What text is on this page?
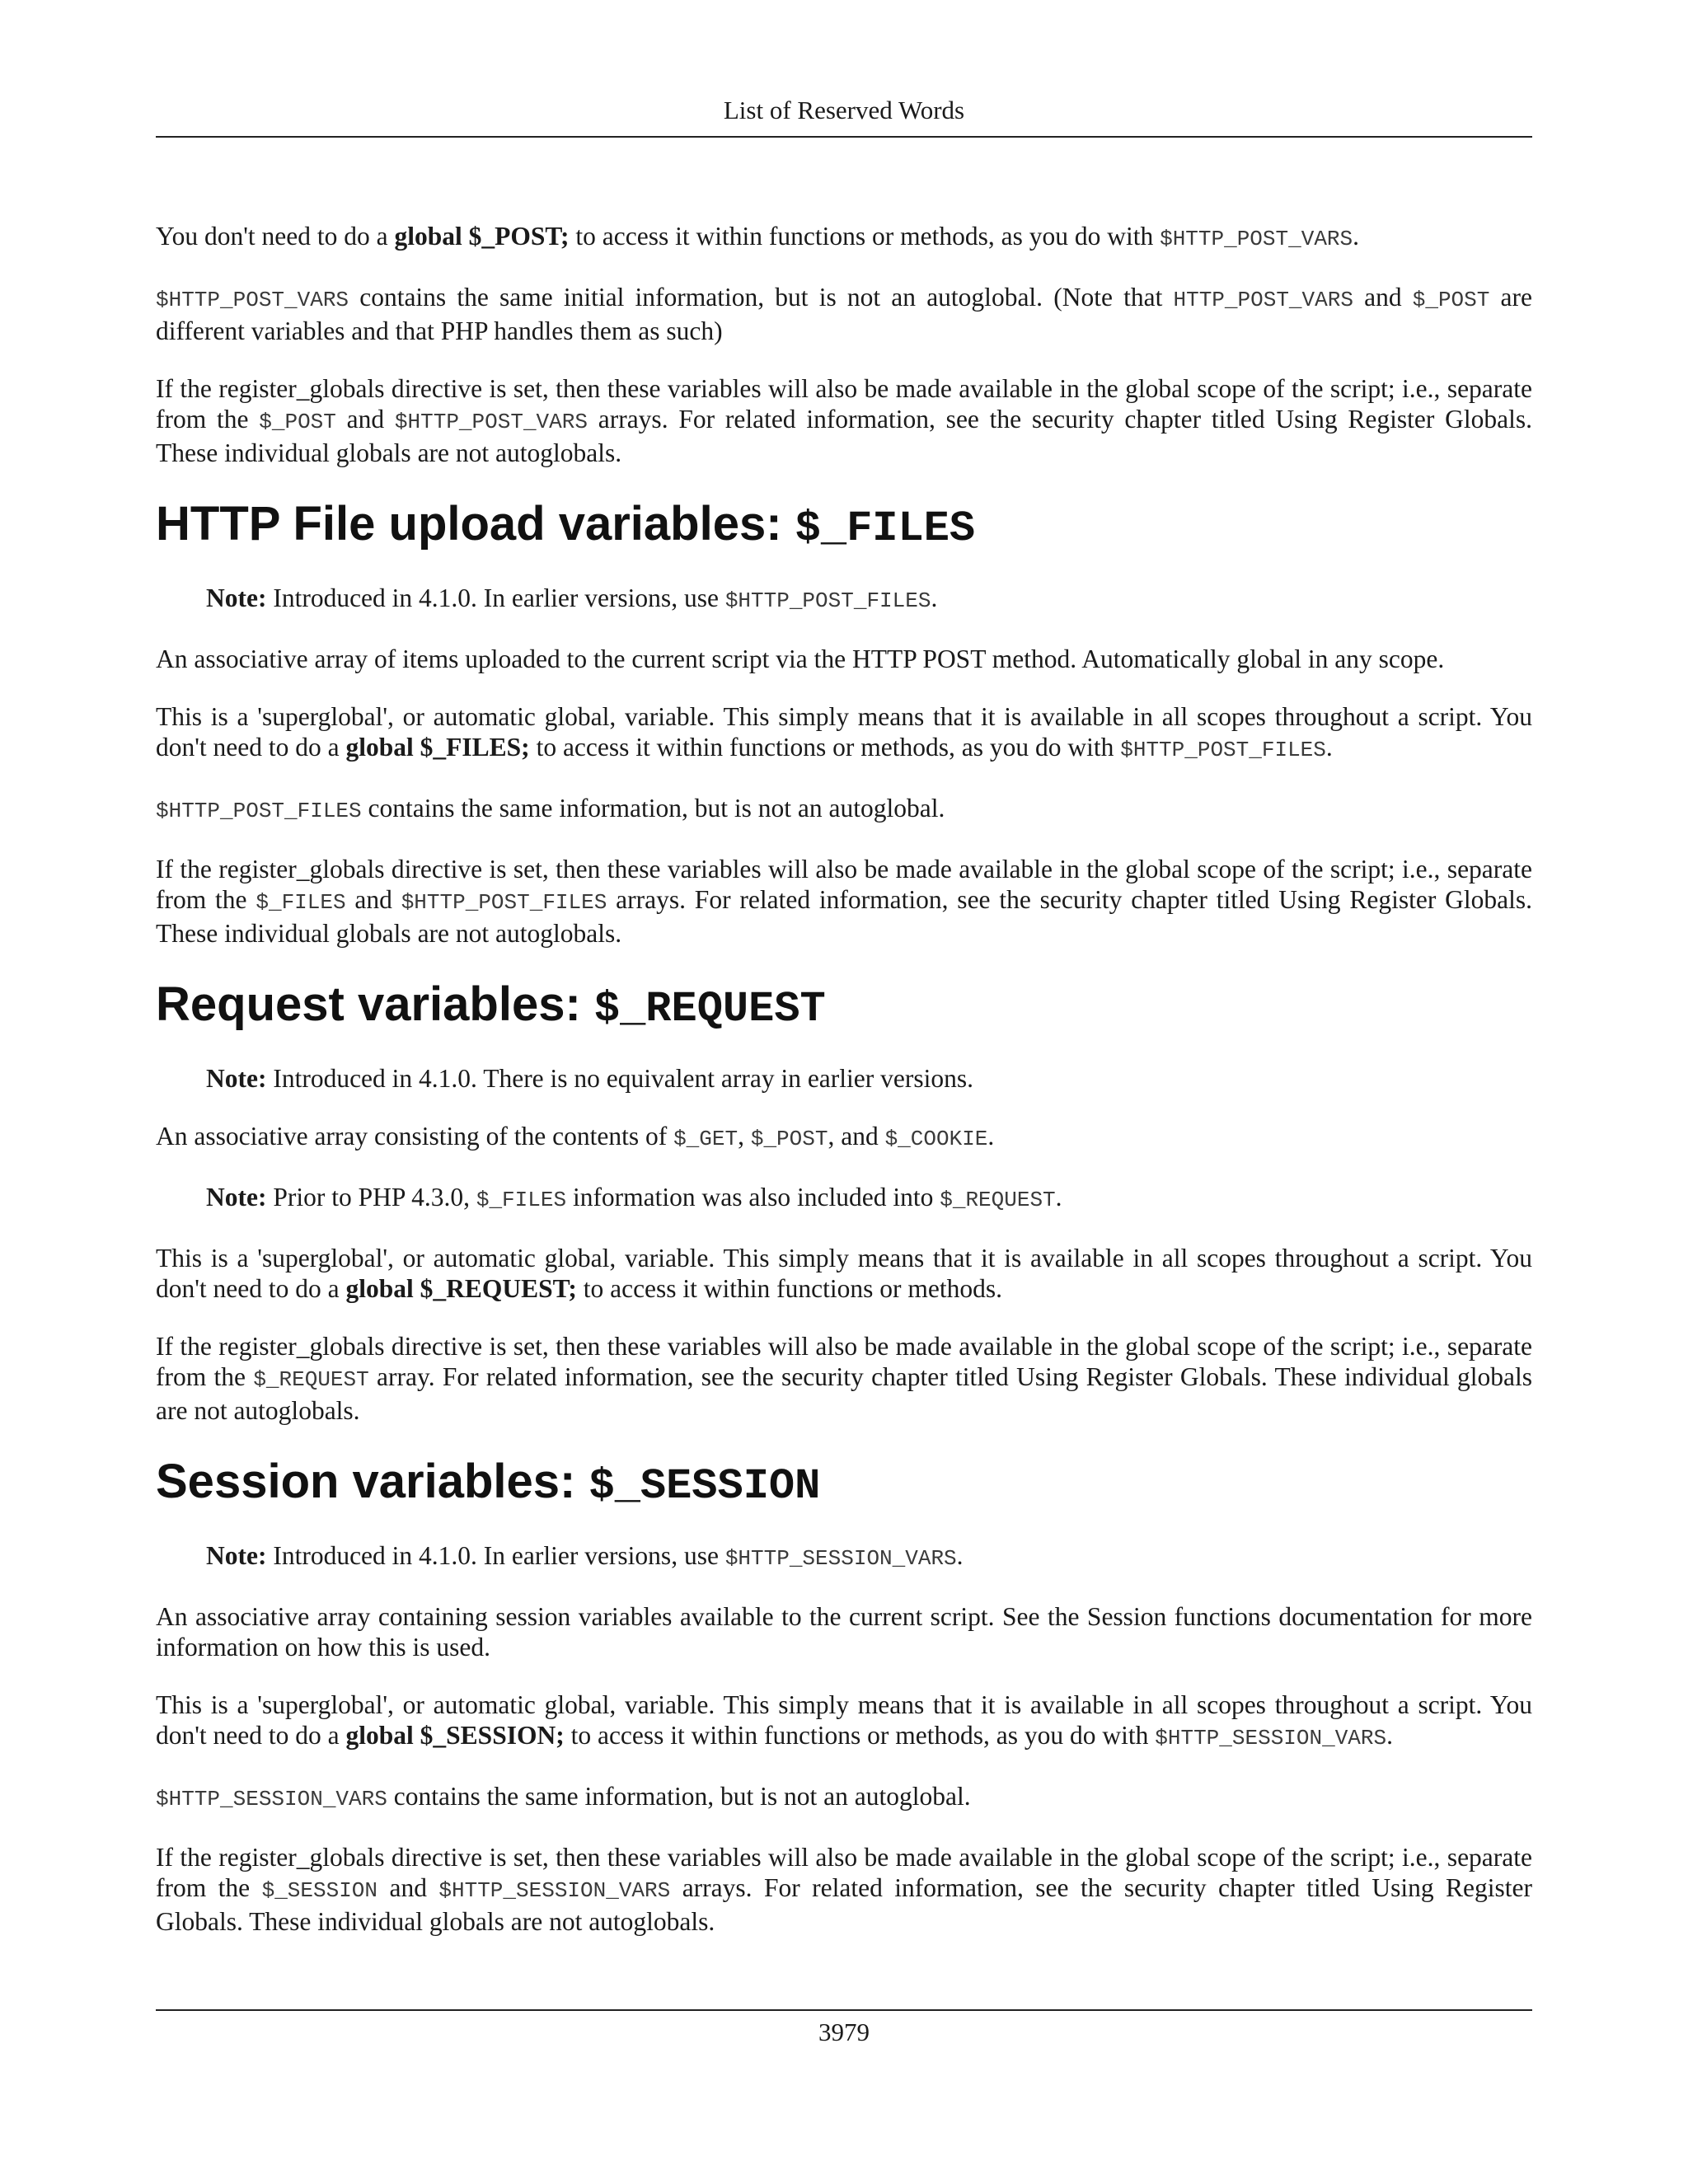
List of Reserved Words

You don't need to do a global $_POST; to access it within functions or methods, as you do with $HTTP_POST_VARS.

$HTTP_POST_VARS contains the same initial information, but is not an autoglobal. (Note that HTTP_POST_VARS and $_POST are different variables and that PHP handles them as such)

If the register_globals directive is set, then these variables will also be made available in the global scope of the script; i.e., separate from the $_POST and $HTTP_POST_VARS arrays. For related information, see the security chapter titled Using Register Globals. These individual globals are not autoglobals.

HTTP File upload variables: $_FILES

Note: Introduced in 4.1.0. In earlier versions, use $HTTP_POST_FILES.

An associative array of items uploaded to the current script via the HTTP POST method. Automatically global in any scope.

This is a 'superglobal', or automatic global, variable. This simply means that it is available in all scopes throughout a script. You don't need to do a global $_FILES; to access it within functions or methods, as you do with $HTTP_POST_FILES.

$HTTP_POST_FILES contains the same information, but is not an autoglobal.

If the register_globals directive is set, then these variables will also be made available in the global scope of the script; i.e., separate from the $_FILES and $HTTP_POST_FILES arrays. For related information, see the security chapter titled Using Register Globals. These individual globals are not autoglobals.

Request variables: $_REQUEST

Note: Introduced in 4.1.0. There is no equivalent array in earlier versions.

An associative array consisting of the contents of $_GET, $_POST, and $_COOKIE.

Note: Prior to PHP 4.3.0, $_FILES information was also included into $_REQUEST.

This is a 'superglobal', or automatic global, variable. This simply means that it is available in all scopes throughout a script. You don't need to do a global $_REQUEST; to access it within functions or methods.

If the register_globals directive is set, then these variables will also be made available in the global scope of the script; i.e., separate from the $_REQUEST array. For related information, see the security chapter titled Using Register Globals. These individual globals are not autoglobals.

Session variables: $_SESSION

Note: Introduced in 4.1.0. In earlier versions, use $HTTP_SESSION_VARS.

An associative array containing session variables available to the current script. See the Session functions documentation for more information on how this is used.

This is a 'superglobal', or automatic global, variable. This simply means that it is available in all scopes throughout a script. You don't need to do a global $_SESSION; to access it within functions or methods, as you do with $HTTP_SESSION_VARS.

$HTTP_SESSION_VARS contains the same information, but is not an autoglobal.

If the register_globals directive is set, then these variables will also be made available in the global scope of the script; i.e., separate from the $_SESSION and $HTTP_SESSION_VARS arrays. For related information, see the security chapter titled Using Register Globals. These individual globals are not autoglobals.

3979
